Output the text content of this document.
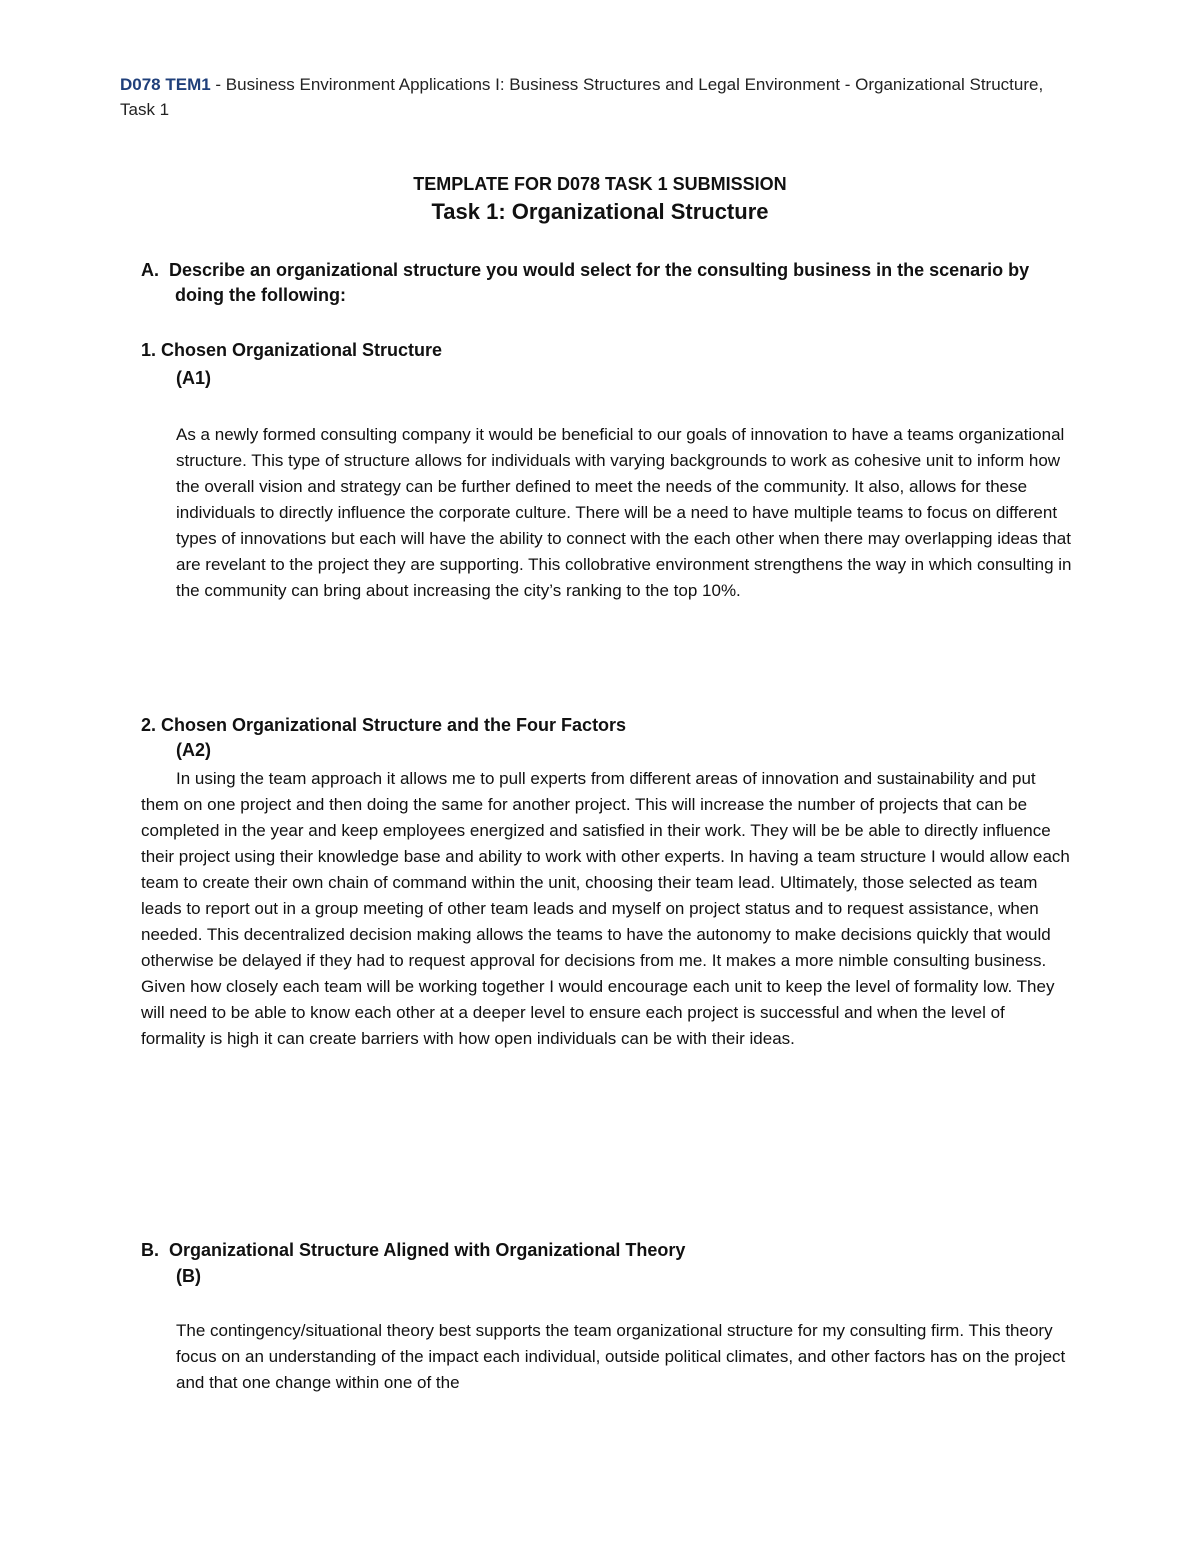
D078 TEM1 - Business Environment Applications I: Business Structures and Legal Environment - Organizational Structure, Task 1
TEMPLATE FOR D078 TASK 1 SUBMISSION
Task 1: Organizational Structure
A. Describe an organizational structure you would select for the consulting business in the scenario by
doing the following:
1. Chosen Organizational Structure
(A1)
As a newly formed consulting company it would be beneficial to our goals of innovation to have a teams organizational structure. This type of structure allows for individuals with varying backgrounds to work as cohesive unit to inform how the overall vision and strategy can be further defined to meet the needs of the community. It also, allows for these individuals to directly influence the corporate culture. There will be a need to have multiple teams to focus on different types of innovations but each will have the ability to connect with the each other when there may overlapping ideas that are revelant to the project they are supporting. This collobrative environment strengthens the way in which consulting in the community can bring about increasing the city’s ranking to the top 10%.
2. Chosen Organizational Structure and the Four Factors
(A2)
In using the team approach it allows me to pull experts from different areas of innovation and sustainability and put them on one project and then doing the same for another project. This will increase the number of projects that can be completed in the year and keep employees energized and satisfied in their work. They will be be able to directly influence their project using their knowledge base and ability to work with other experts. In having a team structure I would allow each team to create their own chain of command within the unit, choosing their team lead. Ultimately, those selected as team leads to report out in a group meeting of other team leads and myself on project status and to request assistance, when needed. This decentralized decision making allows the teams to have the autonomy to make decisions quickly that would otherwise be delayed if they had to request approval for decisions from me. It makes a more nimble consulting business. Given how closely each team will be working together I would encourage each unit to keep the level of formality low. They will need to be able to know each other at a deeper level to ensure each project is successful and when the level of formality is high it can create barriers with how open individuals can be with their ideas.
B. Organizational Structure Aligned with Organizational Theory
(B)
The contingency/situational theory best supports the team organizational structure for my consulting firm. This theory focus on an understanding of the impact each individual, outside political climates, and other factors has on the project and that one change within one of the
